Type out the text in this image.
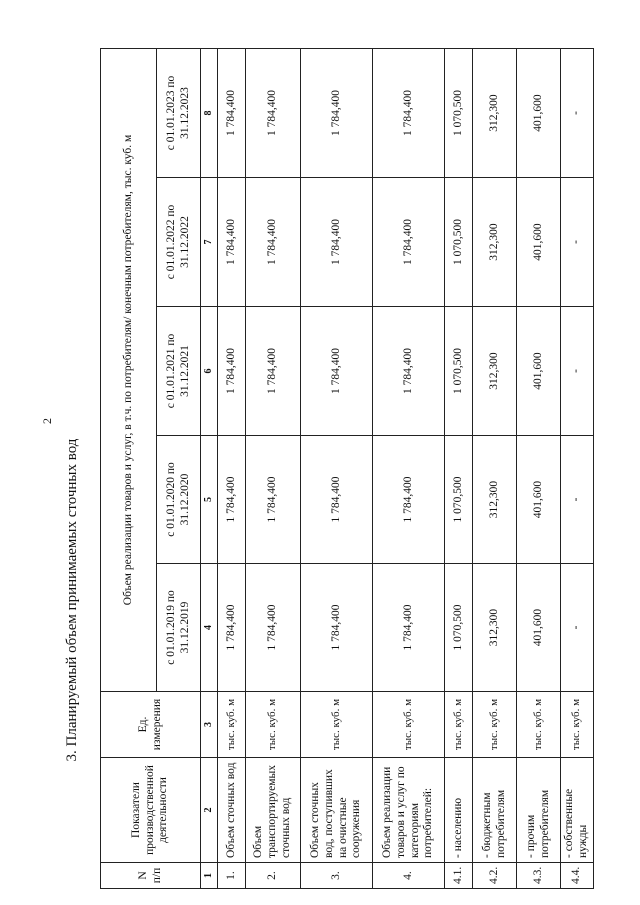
2
3. Планируемый объем принимаемых сточных вод
N п/п	Показатели производственной деятельности	Ед. измерения	Объем реализации товаров и услуг, в т.ч. по потребителям/ конечным потребителям, тыс. куб. м				
			с 01.01.2019 по 31.12.2019	с 01.01.2020 по 31.12.2020	с 01.01.2021 по 31.12.2021	с 01.01.2022 по 31.12.2022	с 01.01.2023 по 31.12.2023
1	2	3	4	5	6	7	8
1.	Объем сточных вод	тыс. куб. м	1 784,400	1 784,400	1 784,400	1 784,400	1 784,400
2.	Объем транспортируемых сточных вод	тыс. куб. м	1 784,400	1 784,400	1 784,400	1 784,400	1 784,400
3.	Объем сточных вод, поступивших на очистные сооружения	тыс. куб. м	1 784,400	1 784,400	1 784,400	1 784,400	1 784,400
4.	Объем реализации товаров и услуг по категориям потребителей:	тыс. куб. м	1 784,400	1 784,400	1 784,400	1 784,400	1 784,400
4.1.	- населению	тыс. куб. м	1 070,500	1 070,500	1 070,500	1 070,500	1 070,500
4.2.	- бюджетным потребителям	тыс. куб. м	312,300	312,300	312,300	312,300	312,300
4.3.	- прочим потребителям	тыс. куб. м	401,600	401,600	401,600	401,600	401,600
4.4.	- собственные нужды	тыс. куб. м	-	-	-	-	-
